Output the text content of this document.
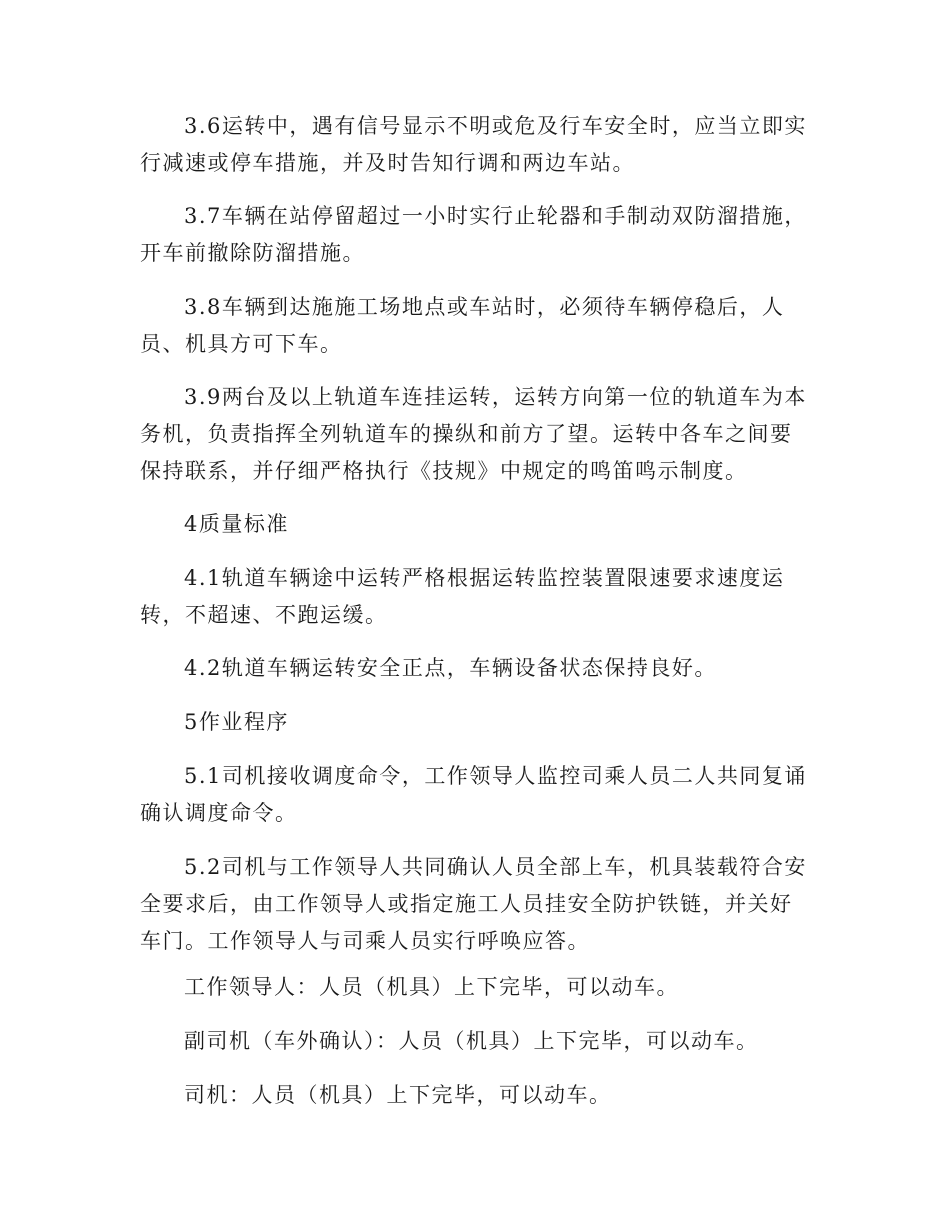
3.6运转中，遇有信号显示不明或危及行车安全时，应当立即实行减速或停车措施，并及时告知行调和两边车站。

3.7车辆在站停留超过一小时实行止轮器和手制动双防溜措施，开车前撤除防溜措施。

3.8车辆到达施施工场地点或车站时，必须待车辆停稳后，人员、机具方可下车。

3.9两台及以上轨道车连挂运转，运转方向第一位的轨道车为本务机，负责指挥全列轨道车的操纵和前方了望。运转中各车之间要保持联系，并仔细严格执行《技规》中规定的鸣笛鸣示制度。

4质量标准

4.1轨道车辆途中运转严格根据运转监控装置限速要求速度运转，不超速、不跑运缓。

4.2轨道车辆运转安全正点，车辆设备状态保持良好。

5作业程序

5.1司机接收调度命令，工作领导人监控司乘人员二人共同复诵确认调度命令。

5.2司机与工作领导人共同确认人员全部上车，机具装载符合安全要求后，由工作领导人或指定施工人员挂安全防护铁链，并关好车门。工作领导人与司乘人员实行呼唤应答。

工作领导人：人员（机具）上下完毕，可以动车。

副司机（车外确认）：人员（机具）上下完毕，可以动车。

司机：人员（机具）上下完毕，可以动车。
